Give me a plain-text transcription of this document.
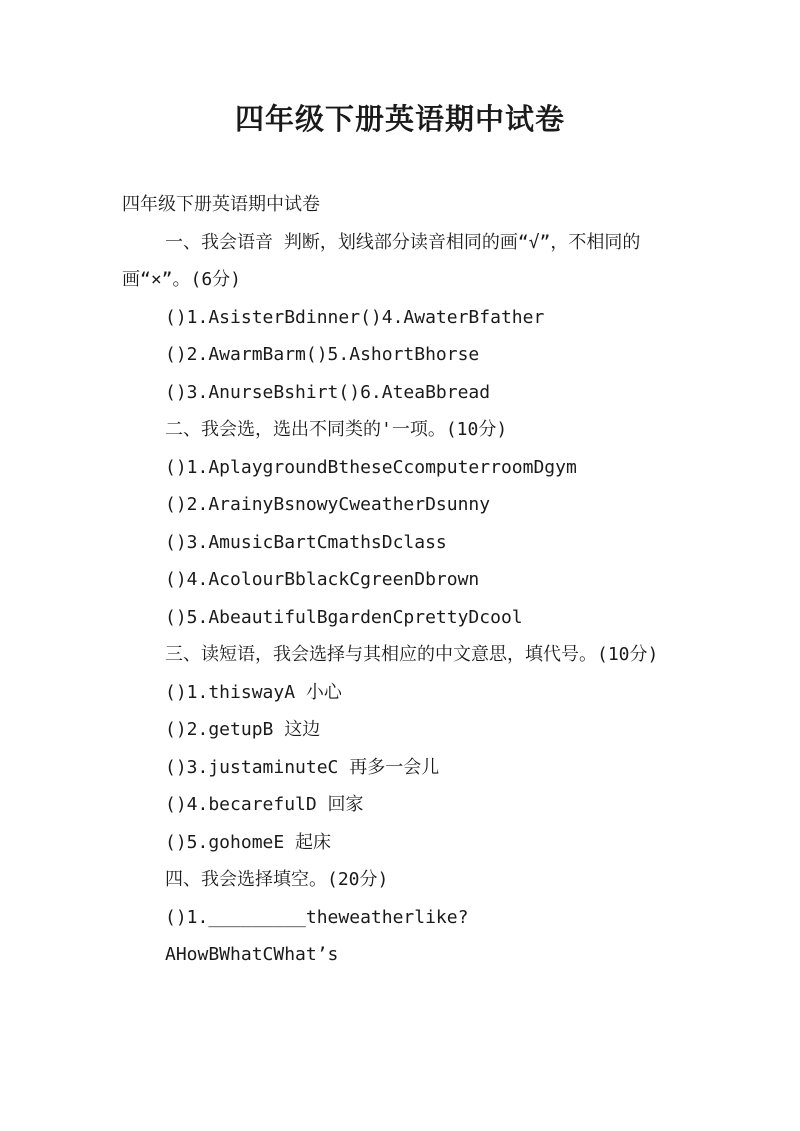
四年级下册英语期中试卷

四年级下册英语期中试卷

一、我会语音 判断，划线部分读音相同的画“√”，不相同的画“×”。(6分)

()1.AsisterBdinner()4.AwaterBfather

()2.AwarmBarm()5.AshortBhorse

()3.AnurseBshirt()6.AteaBbread

二、我会选，选出不同类的'一项。(10分)

()1.AplaygroundBtheseCcomputerroomDgym

()2.ArainyBsnowyCweatherDsunny

()3.AmusicBartCmathsDclass

()4.AcolourBblackCgreenDbrown

()5.AbeautifulBgardenCprettyDcool

三、读短语，我会选择与其相应的中文意思，填代号。(10分)

()1.thiswayA 小心

()2.getupB 这边

()3.justaminuteC 再多一会儿

()4.becarefulD 回家

()5.gohomeE 起床

四、我会选择填空。(20分)

()1._________theweatherlike?

AHowBWhatCWhat’s
